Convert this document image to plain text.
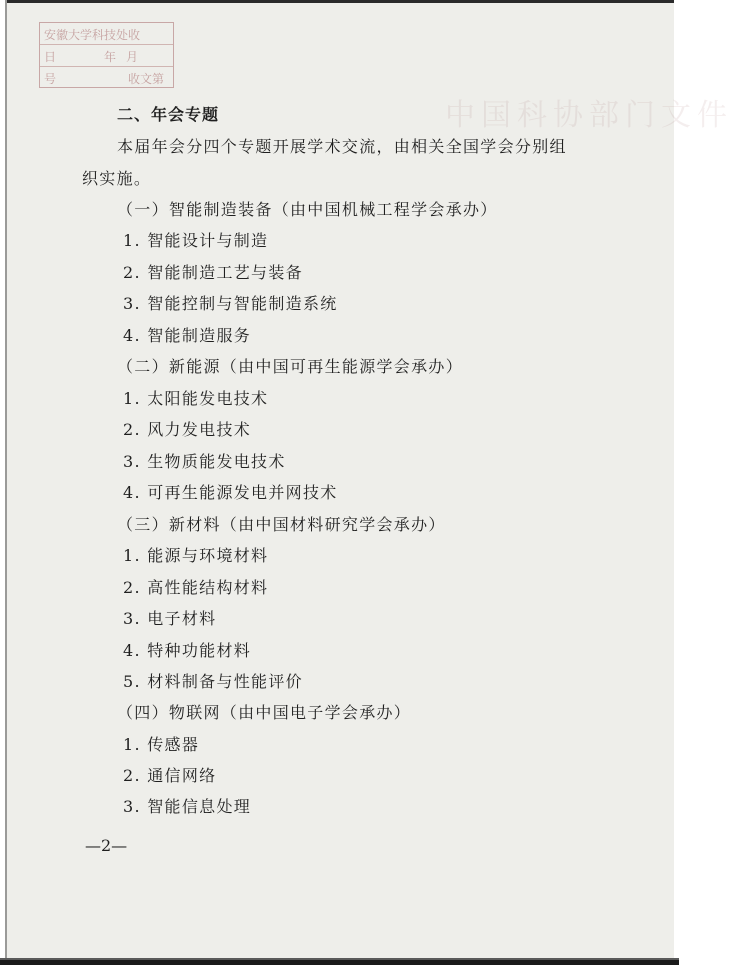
中国科协部门文件
安徽大学科技处收
日	年 月
号	收文第
二、年会专题
本届年会分四个专题开展学术交流，由相关全国学会分别组
织实施。
（一）智能制造装备（由中国机械工程学会承办）
1. 智能设计与制造
2. 智能制造工艺与装备
3. 智能控制与智能制造系统
4. 智能制造服务
（二）新能源（由中国可再生能源学会承办）
1. 太阳能发电技术
2. 风力发电技术
3. 生物质能发电技术
4. 可再生能源发电并网技术
（三）新材料（由中国材料研究学会承办）
1. 能源与环境材料
2. 高性能结构材料
3. 电子材料
4. 特种功能材料
5. 材料制备与性能评价
（四）物联网（由中国电子学会承办）
1. 传感器
2. 通信网络
3. 智能信息处理
—2—
